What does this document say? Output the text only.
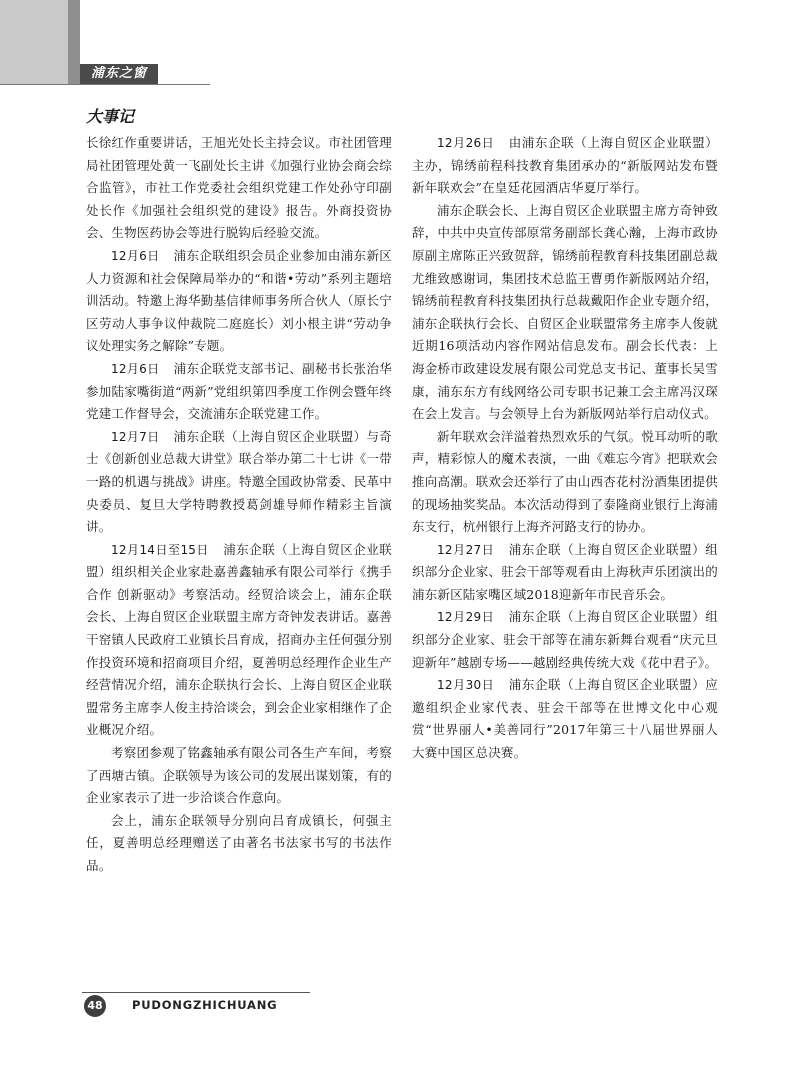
浦东之窗
大事记

长徐红作重要讲话，王旭光处长主持会议。市社团管理局社团管理处黄一飞副处长主讲《加强行业协会商会综合监管》，市社工作党委社会组织党建工作处孙守印副处长作《加强社会组织党的建设》报告。外商投资协会、生物医药协会等进行脱钩后经验交流。

12月6日 浦东企联组织会员企业参加由浦东新区人力资源和社会保障局举办的“和谐•劳动”系列主题培训活动。特邀上海华勤基信律师事务所合伙人（原长宁区劳动人事争议仲裁院二庭庭长）刘小根主讲“劳动争议处理实务之解除”专题。

12月6日 浦东企联党支部书记、副秘书长张治华参加陆家嘴街道“两新”党组织第四季度工作例会暨年终党建工作督导会，交流浦东企联党建工作。

12月7日 浦东企联（上海自贸区企业联盟）与奇士《创新创业总裁大讲堂》联合举办第二十七讲《一带一路的机遇与挑战》讲座。特邀全国政协常委、民革中央委员、复旦大学特聘教授葛剑雄导师作精彩主旨演讲。

12月14日至15日 浦东企联（上海自贸区企业联盟）组织相关企业家赴嘉善鑫轴承有限公司举行《携手合作 创新驱动》考察活动。经贸洽谈会上，浦东企联会长、上海自贸区企业联盟主席方奇钟发表讲话。嘉善干窑镇人民政府工业镇长吕育成，招商办主任何强分别作投资环境和招商项目介绍，夏善明总经理作企业生产经营情况介绍，浦东企联执行会长、上海自贸区企业联盟常务主席李人俊主持洽谈会，到会企业家相继作了企业概况介绍。

考察团参观了铭鑫轴承有限公司各生产车间，考察了西塘古镇。企联领导为该公司的发展出谋划策，有的企业家表示了进一步洽谈合作意向。

会上，浦东企联领导分别向吕育成镇长，何强主任，夏善明总经理赠送了由著名书法家书写的书法作品。

12月26日 由浦东企联（上海自贸区企业联盟）主办，锦绣前程科技教育集团承办的“新版网站发布暨新年联欢会”在皇廷花园酒店华夏厅举行。

浦东企联会长、上海自贸区企业联盟主席方奇钟致辞，中共中央宣传部原常务副部长龚心瀚，上海市政协原副主席陈正兴致贺辞，锦绣前程教育科技集团副总裁尤维致感谢词，集团技术总监王曹勇作新版网站介绍，锦绣前程教育科技集团执行总裁戴阳作企业专题介绍，浦东企联执行会长、自贸区企业联盟常务主席李人俊就近期16项活动内容作网站信息发布。副会长代表：上海金桥市政建设发展有限公司党总支书记、董事长吴雪康，浦东东方有线网络公司专职书记兼工会主席冯汉琛在会上发言。与会领导上台为新版网站举行启动仪式。

新年联欢会洋溢着热烈欢乐的气氛。悦耳动听的歌声，精彩惊人的魔术表演，一曲《难忘今宵》把联欢会推向高潮。联欢会还举行了由山西杏花村汾酒集团提供的现场抽奖奖品。本次活动得到了泰隆商业银行上海浦东支行，杭州银行上海齐河路支行的协办。

12月27日 浦东企联（上海自贸区企业联盟）组织部分企业家、驻会干部等观看由上海秋声乐团演出的浦东新区陆家嘴区域2018迎新年市民音乐会。

12月29日 浦东企联（上海自贸区企业联盟）组织部分企业家、驻会干部等在浦东新舞台观看“庆元旦迎新年”越剧专场——越剧经典传统大戏《花中君子》。

12月30日 浦东企联（上海自贸区企业联盟）应邀组织企业家代表、驻会干部等在世博文化中心观赏“世界丽人•美善同行”2017年第三十八届世界丽人大赛中国区总决赛。

48	PUDONGZHICHUANG
